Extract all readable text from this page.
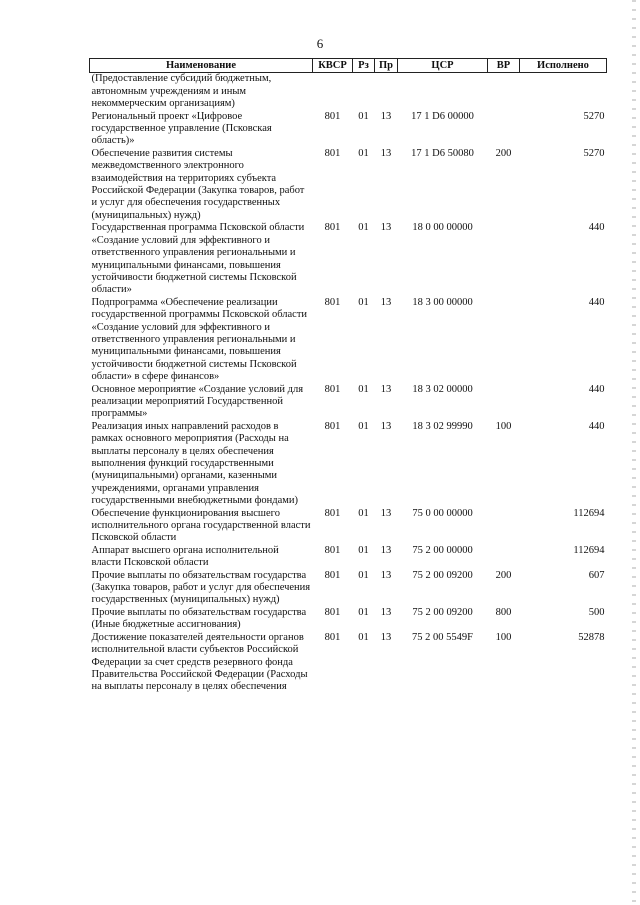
6
Наименование	КВСР	Рз	Пр	ЦСР	ВР	Исполнено
(Предоставление субсидий бюджетным, автономным учреждениям и иным некоммерческим организациям)						
Региональный проект «Цифровое государственное управление (Псковская область)»	801	01	13	17 1 D6 00000		5270
Обеспечение развития системы межведомственного электронного взаимодействия на территориях субъекта Российской Федерации (Закупка товаров, работ и услуг для обеспечения государственных (муниципальных) нужд)	801	01	13	17 1 D6 50080	200	5270
Государственная программа Псковской области «Создание условий для эффективного и ответственного управления региональными и муниципальными финансами, повышения устойчивости бюджетной системы Псковской области»	801	01	13	18 0 00 00000		440
Подпрограмма «Обеспечение реализации государственной программы Псковской области «Создание условий для эффективного и ответственного управления региональными и муниципальными финансами, повышения устойчивости бюджетной системы Псковской области» в сфере финансов»	801	01	13	18 3 00 00000		440
Основное мероприятие «Создание условий для реализации мероприятий Государственной программы»	801	01	13	18 3 02 00000		440
Реализация иных направлений расходов в рамках основного мероприятия (Расходы на выплаты персоналу в целях обеспечения выполнения функций государственными (муниципальными) органами, казенными учреждениями, органами управления государственными внебюджетными фондами)	801	01	13	18 3 02 99990	100	440
Обеспечение функционирования высшего исполнительного органа государственной власти Псковской области	801	01	13	75 0 00 00000		112694
Аппарат высшего органа исполнительной власти Псковской области	801	01	13	75 2 00 00000		112694
Прочие выплаты по обязательствам государства (Закупка товаров, работ и услуг для обеспечения государственных (муниципальных) нужд)	801	01	13	75 2 00 09200	200	607
Прочие выплаты по обязательствам государства (Иные бюджетные ассигнования)	801	01	13	75 2 00 09200	800	500
Достижение показателей деятельности органов исполнительной власти субъектов Российской Федерации за счет средств резервного фонда Правительства Российской Федерации (Расходы на выплаты персоналу в целях обеспечения	801	01	13	75 2 00 5549F	100	52878
